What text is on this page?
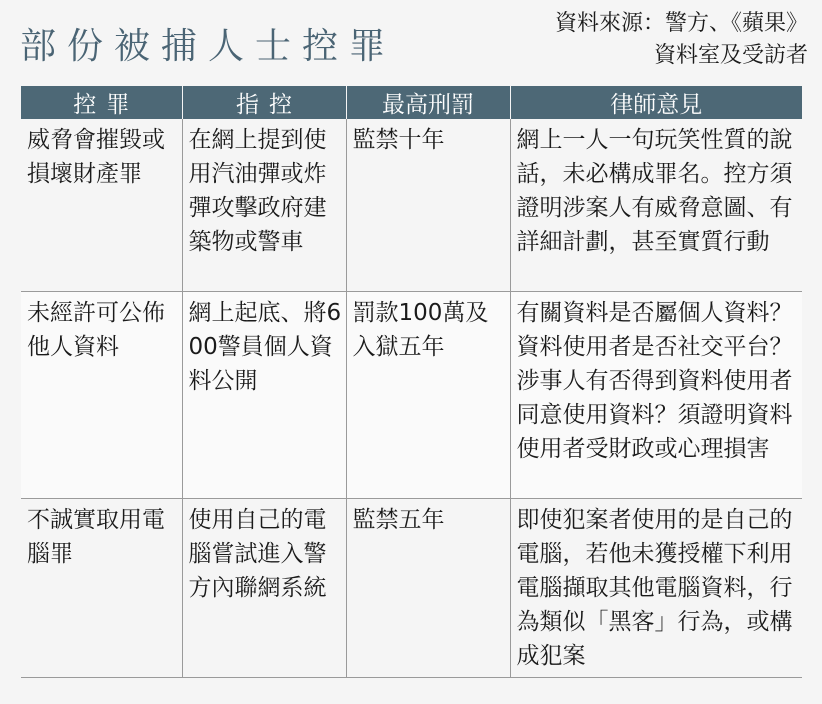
部份被捕人士控罪
資料來源：警方、《蘋果》
資料室及受訪者
控罪	指控	最高刑罰	律師意見
威脅會摧毀或損壞財產罪	在網上提到使用汽油彈或炸彈攻擊政府建築物或警車	監禁十年	網上一人一句玩笑性質的說話，未必構成罪名。控方須證明涉案人有威脅意圖、有詳細計劃，甚至實質行動
未經許可公佈他人資料	網上起底、將600警員個人資料公開	罰款100萬及入獄五年	有關資料是否屬個人資料？資料使用者是否社交平台？涉事人有否得到資料使用者同意使用資料？須證明資料使用者受財政或心理損害
不誠實取用電腦罪	使用自己的電腦嘗試進入警方內聯網系統	監禁五年	即使犯案者使用的是自己的電腦，若他未獲授權下利用電腦擷取其他電腦資料，行為類似「黑客」行為，或構成犯案
